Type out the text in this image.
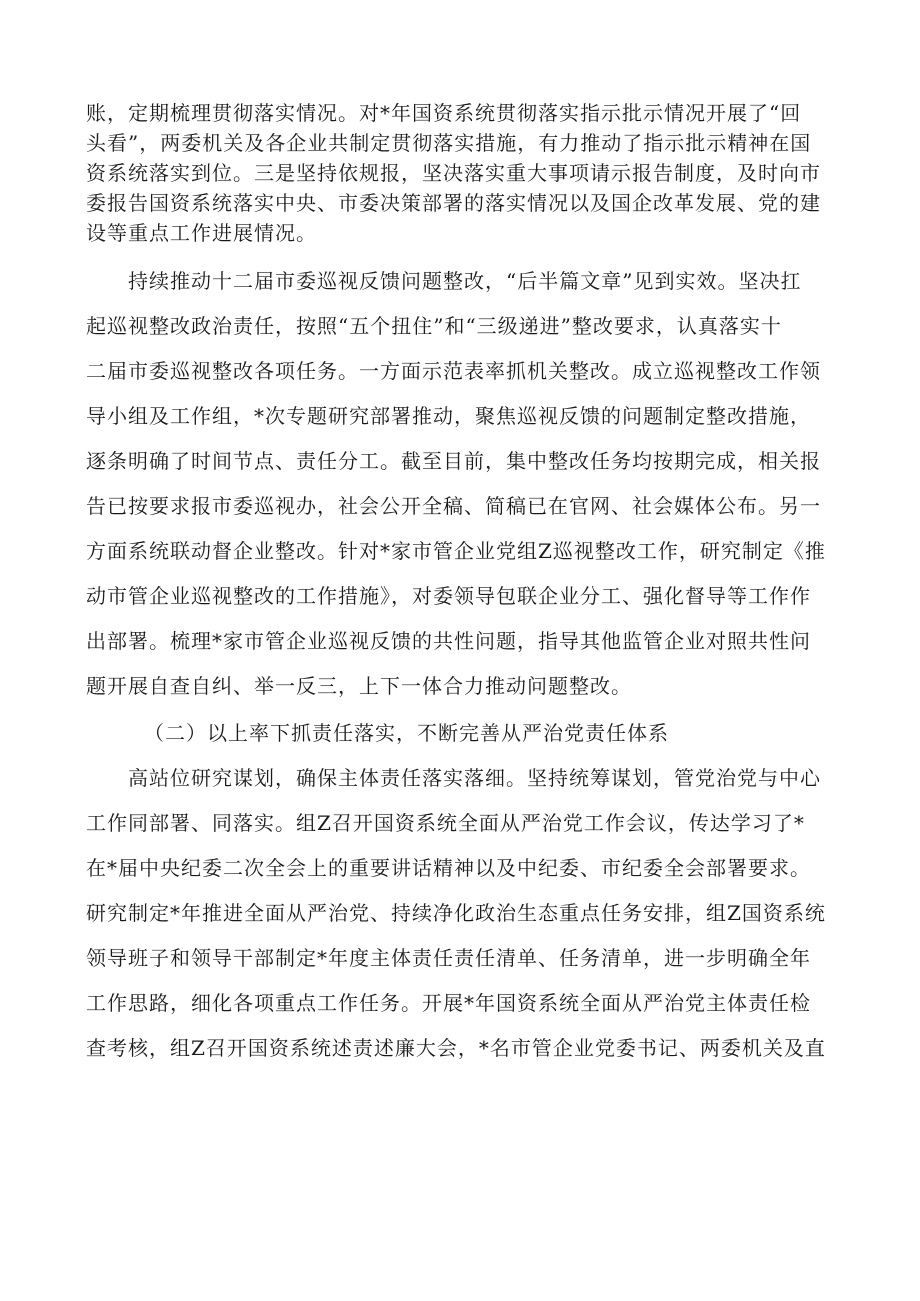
账，定期梳理贯彻落实情况。对*年国资系统贯彻落实指示批示情况开展了“回
头看”，两委机关及各企业共制定贯彻落实措施，有力推动了指示批示精神在国
资系统落实到位。三是坚持依规报，坚决落实重大事项请示报告制度，及时向市
委报告国资系统落实中央、市委决策部署的落实情况以及国企改革发展、党的建
设等重点工作进展情况。

持续推动十二届市委巡视反馈问题整改，“后半篇文章”见到实效。坚决扛
起巡视整改政治责任，按照“五个扭住”和“三级递进”整改要求，认真落实十
二届市委巡视整改各项任务。一方面示范表率抓机关整改。成立巡视整改工作领
导小组及工作组，*次专题研究部署推动，聚焦巡视反馈的问题制定整改措施，
逐条明确了时间节点、责任分工。截至目前，集中整改任务均按期完成，相关报
告已按要求报市委巡视办，社会公开全稿、简稿已在官网、社会媒体公布。另一
方面系统联动督企业整改。针对*家市管企业党组Z巡视整改工作，研究制定《推
动市管企业巡视整改的工作措施》，对委领导包联企业分工、强化督导等工作作
出部署。梳理*家市管企业巡视反馈的共性问题，指导其他监管企业对照共性问
题开展自查自纠、举一反三，上下一体合力推动问题整改。

（二）以上率下抓责任落实，不断完善从严治党责任体系

高站位研究谋划，确保主体责任落实落细。坚持统筹谋划，管党治党与中心
工作同部署、同落实。组Z召开国资系统全面从严治党工作会议，传达学习了*
在*届中央纪委二次全会上的重要讲话精神以及中纪委、市纪委全会部署要求。
研究制定*年推进全面从严治党、持续净化政治生态重点任务安排，组Z国资系统
领导班子和领导干部制定*年度主体责任责任清单、任务清单，进一步明确全年
工作思路，细化各项重点工作任务。开展*年国资系统全面从严治党主体责任检
查考核，组Z召开国资系统述责述廉大会，*名市管企业党委书记、两委机关及直
